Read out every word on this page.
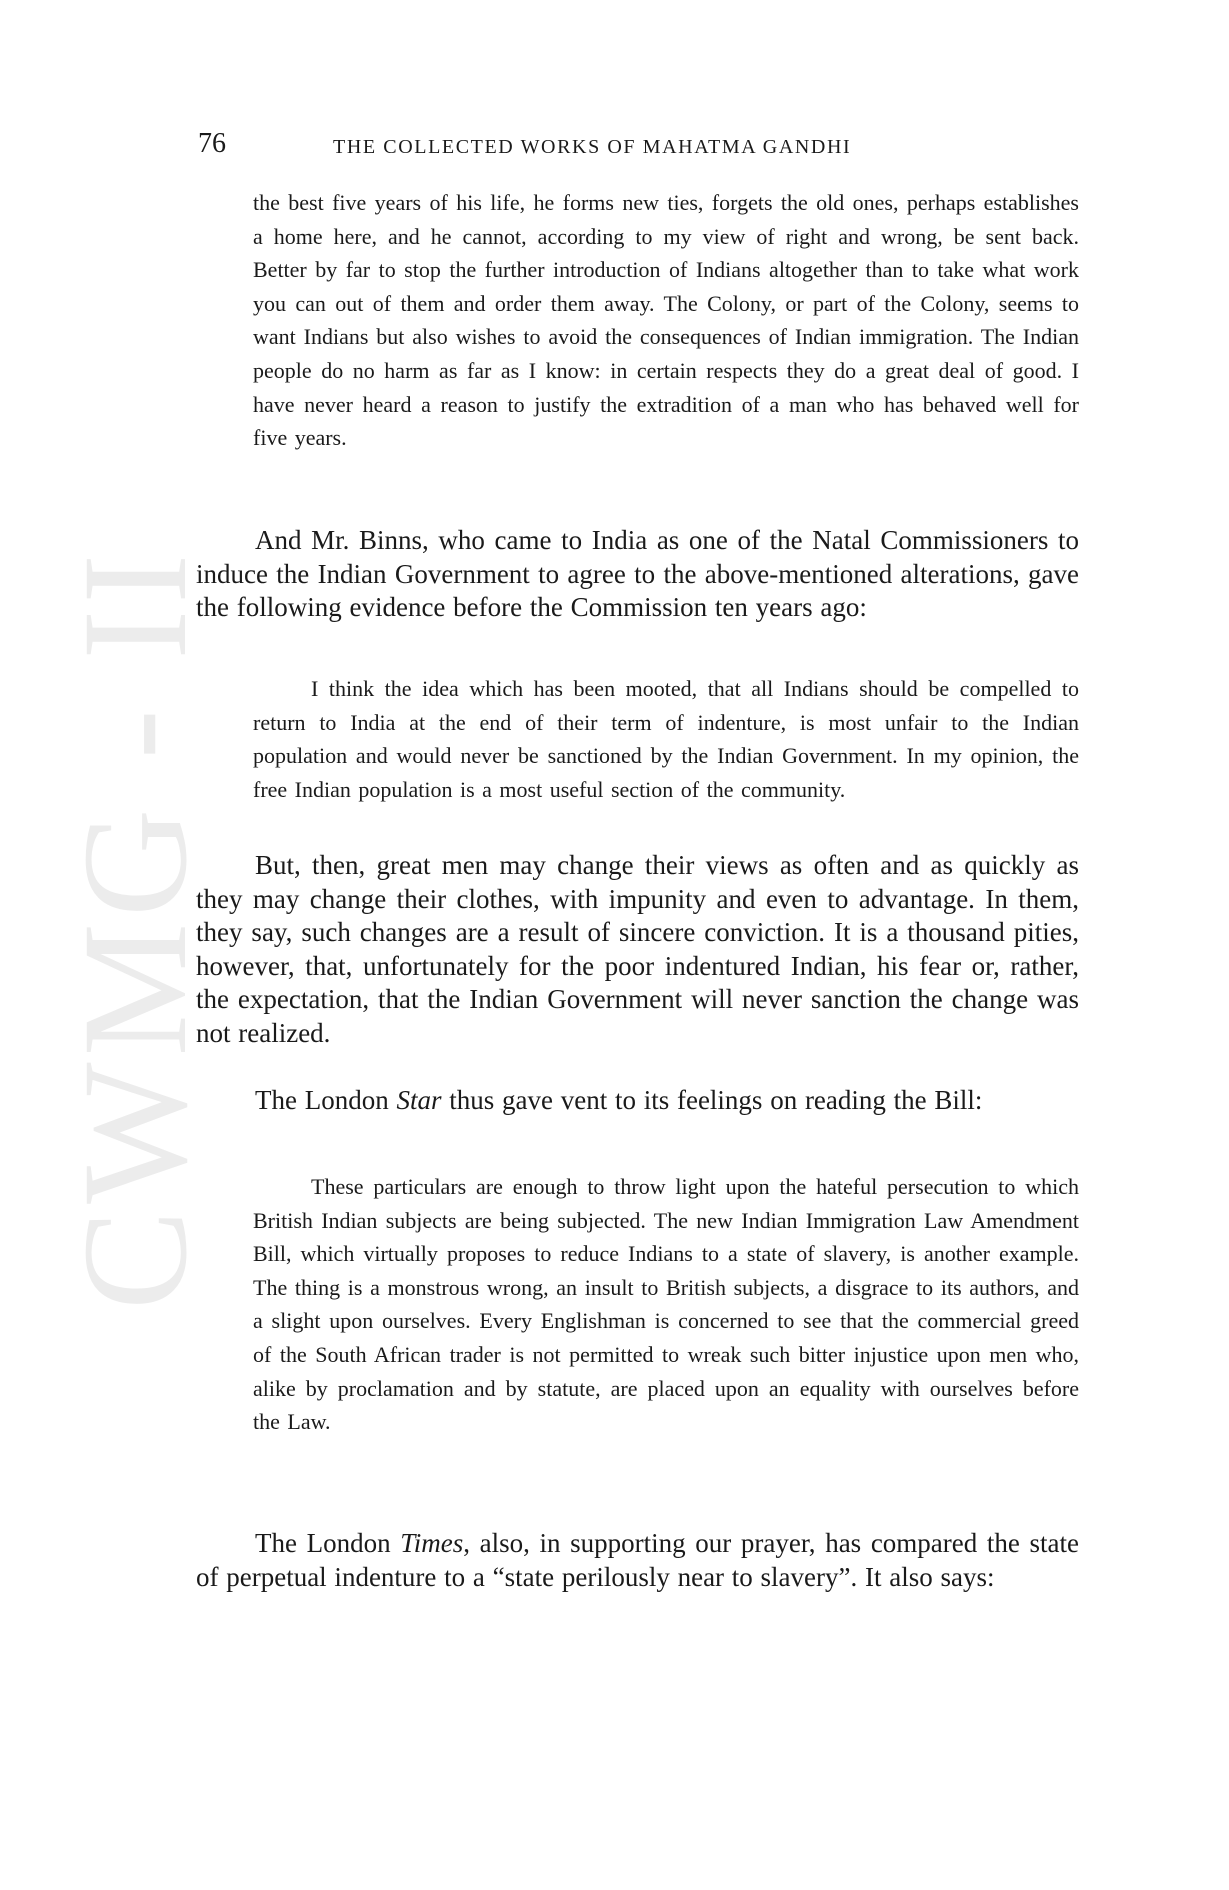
CWMG - II
76	THE COLLECTED WORKS OF MAHATMA GANDHI
the best five years of his life, he forms new ties, forgets the old ones, perhaps establishes a home here, and he cannot, according to my view of right and wrong, be sent back. Better by far to stop the further introduction of Indians altogether than to take what work you can out of them and order them away. The Colony, or part of the Colony, seems to want Indians but also wishes to avoid the consequences of Indian immigration. The Indian people do no harm as far as I know: in certain respects they do a great deal of good. I have never heard a reason to justify the extradition of a man who has behaved well for five years.
And Mr. Binns, who came to India as one of the Natal Commissioners to induce the Indian Government to agree to the above-mentioned alterations, gave the following evidence before the Commission ten years ago:
I think the idea which has been mooted, that all Indians should be compelled to return to India at the end of their term of indenture, is most unfair to the Indian population and would never be sanctioned by the Indian Government. In my opinion, the free Indian population is a most useful section of the community.
But, then, great men may change their views as often and as quickly as they may change their clothes, with impunity and even to advantage. In them, they say, such changes are a result of sincere conviction. It is a thousand pities, however, that, unfortunately for the poor indentured Indian, his fear or, rather, the expectation, that the Indian Government will never sanction the change was not realized.
The London Star thus gave vent to its feelings on reading the Bill:
These particulars are enough to throw light upon the hateful persecution to which British Indian subjects are being subjected. The new Indian Immigration Law Amendment Bill, which virtually proposes to reduce Indians to a state of slavery, is another example. The thing is a monstrous wrong, an insult to British subjects, a disgrace to its authors, and a slight upon ourselves. Every Englishman is concerned to see that the commercial greed of the South African trader is not permitted to wreak such bitter injustice upon men who, alike by proclamation and by statute, are placed upon an equality with ourselves before the Law.
The London Times, also, in supporting our prayer, has compared the state of perpetual indenture to a “state perilously near to slavery”. It also says:
